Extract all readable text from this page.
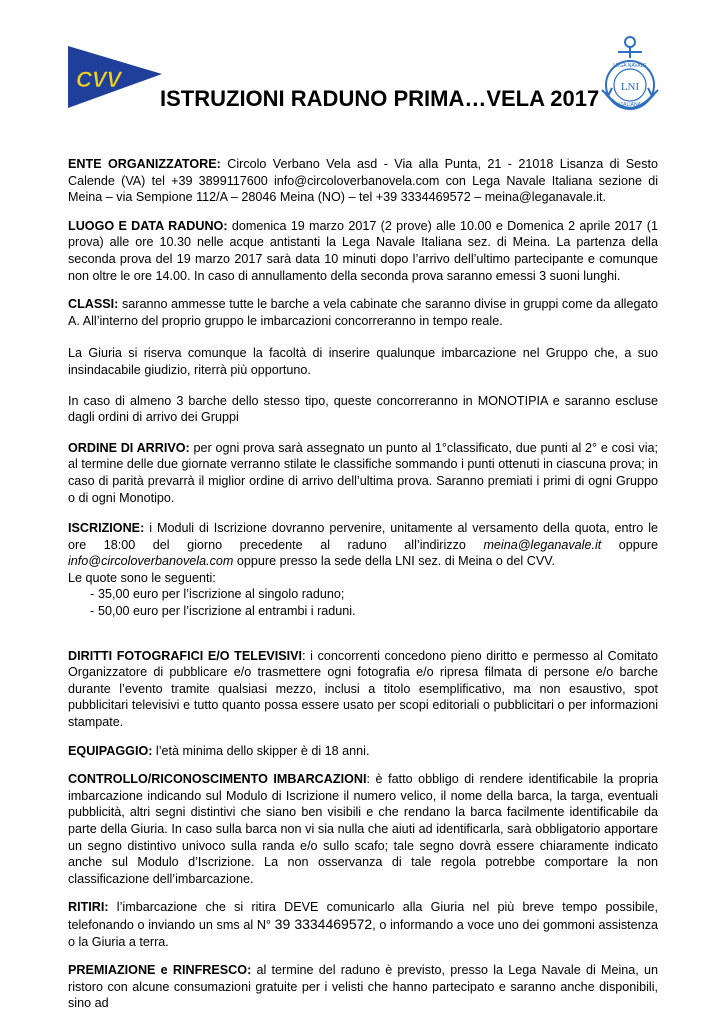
CVV	LNI
LEGA NAVALE
ITALIANA
ISTRUZIONI RADUNO PRIMA…VELA 2017

ENTE ORGANIZZATORE: Circolo Verbano Vela asd - Via alla Punta, 21 - 21018 Lisanza di Sesto Calende (VA) tel +39 3899117600 info@circoloverbanovela.com con Lega Navale Italiana sezione di Meina – via Sempione 112/A – 28046 Meina (NO) – tel +39 3334469572 – meina@leganavale.it.

LUOGO E DATA RADUNO: domenica 19 marzo 2017 (2 prove) alle 10.00 e Domenica 2 aprile 2017 (1 prova) alle ore 10.30 nelle acque antistanti la Lega Navale Italiana sez. di Meina. La partenza della seconda prova del 19 marzo 2017 sarà data 10 minuti dopo l’arrivo dell’ultimo partecipante e comunque non oltre le ore 14.00. In caso di annullamento della seconda prova saranno emessi 3 suoni lunghi.

CLASSI: saranno ammesse tutte le barche a vela cabinate che saranno divise in gruppi come da allegato A. All’interno del proprio gruppo le imbarcazioni concorreranno in tempo reale.

La Giuria si riserva comunque la facoltà di inserire qualunque imbarcazione nel Gruppo che, a suo insindacabile giudizio, riterrà più opportuno.

In caso di almeno 3 barche dello stesso tipo, queste concorreranno in MONOTIPIA e saranno escluse dagli ordini di arrivo dei Gruppi

ORDINE DI ARRIVO: per ogni prova sarà assegnato un punto al 1°classificato, due punti al 2° e così via; al termine delle due giornate verranno stilate le classifiche sommando i punti ottenuti in ciascuna prova; in caso di parità prevarrà il miglior ordine di arrivo dell’ultima prova. Saranno premiati i primi di ogni Gruppo o di ogni Monotipo.

ISCRIZIONE: i Moduli di Iscrizione dovranno pervenire, unitamente al versamento della quota, entro le ore 18:00 del giorno precedente al raduno all’indirizzo meina@leganavale.it oppure info@circoloverbanovela.com oppure presso la sede della LNI sez. di Meina o del CVV.

Le quote sono le seguenti:
- 35,00 euro per l’iscrizione al singolo raduno;
- 50,00 euro per l’iscrizione al entrambi i raduni.

DIRITTI FOTOGRAFICI E/O TELEVISIVI: i concorrenti concedono pieno diritto e permesso al Comitato Organizzatore di pubblicare e/o trasmettere ogni fotografia e/o ripresa filmata di persone e/o barche durante l’evento tramite qualsiasi mezzo, inclusi a titolo esemplificativo, ma non esaustivo, spot pubblicitari televisivi e tutto quanto possa essere usato per scopi editoriali o pubblicitari o per informazioni stampate.

EQUIPAGGIO: l’età minima dello skipper è di 18 anni.

CONTROLLO/RICONOSCIMENTO IMBARCAZIONI: è fatto obbligo di rendere identificabile la propria imbarcazione indicando sul Modulo di Iscrizione il numero velico, il nome della barca, la targa, eventuali pubblicità, altri segni distintivi che siano ben visibili e che rendano la barca facilmente identificabile da parte della Giuria. In caso sulla barca non vi sia nulla che aiuti ad identificarla, sarà obbligatorio apportare un segno distintivo univoco sulla randa e/o sullo scafo; tale segno dovrà essere chiaramente indicato anche sul Modulo d’Iscrizione. La non osservanza di tale regola potrebbe comportare la non classificazione dell’imbarcazione.

RITIRI: l’imbarcazione che si ritira DEVE comunicarlo alla Giuria nel più breve tempo possibile, telefonando o inviando un sms al N° 39 3334469572, o informando a voce uno dei gommoni assistenza o la Giuria a terra.

PREMIAZIONE e RINFRESCO: al termine del raduno è previsto, presso la Lega Navale di Meina, un ristoro con alcune consumazioni gratuite per i velisti che hanno partecipato e saranno anche disponibili, sino ad
